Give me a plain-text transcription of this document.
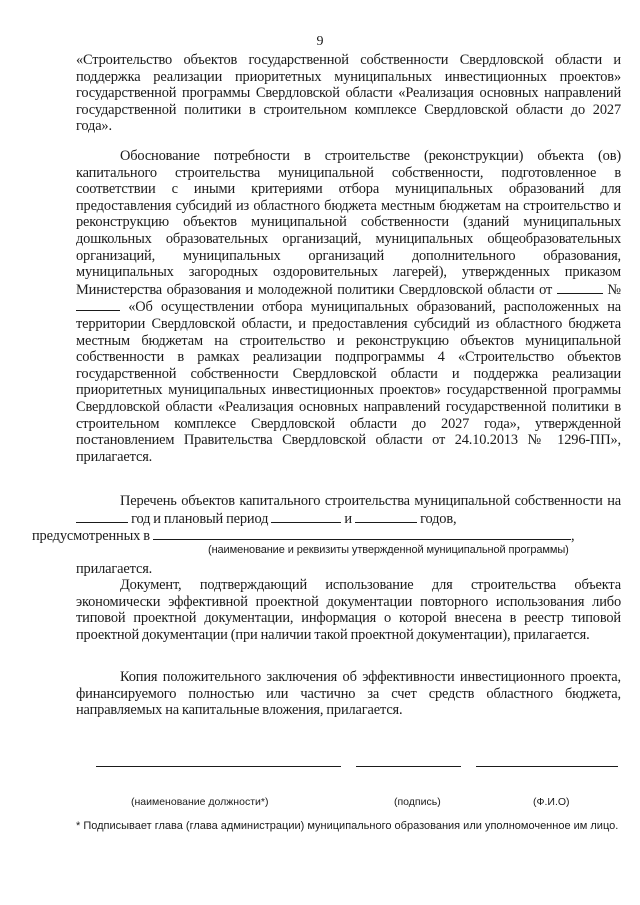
9
«Строительство объектов государственной собственности Свердловской области и поддержка реализации приоритетных муниципальных инвестиционных проектов» государственной программы Свердловской области «Реализация основных направлений государственной политики в строительном комплексе Свердловской области до 2027 года».
Обоснование потребности в строительстве (реконструкции) объекта (ов) капитального строительства муниципальной собственности, подготовленное в соответствии с иными критериями отбора муниципальных образований для предоставления субсидий из областного бюджета местным бюджетам на строительство и реконструкцию объектов муниципальной собственности (зданий муниципальных дошкольных образовательных организаций, муниципальных общеобразовательных организаций, муниципальных организаций дополнительного образования, муниципальных загородных оздоровительных лагерей), утвержденных приказом Министерства образования и молодежной политики Свердловской области от	№  «Об осуществлении отбора муниципальных образований, расположенных на территории Свердловской области, и предоставления субсидий из областного бюджета местным бюджетам на строительство и реконструкцию объектов муниципальной собственности в рамках реализации подпрограммы 4 «Строительство объектов государственной собственности Свердловской области и поддержка реализации приоритетных муниципальных инвестиционных проектов» государственной программы Свердловской области «Реализация основных направлений государственной политики в строительном комплексе Свердловской области до 2027 года», утвержденной постановлением Правительства Свердловской области от 24.10.2013 № 1296-ПП», прилагается.
Перечень объектов капитального строительства муниципальной собственности на  год и плановый период	и	годов,
предусмотренных в	,
(наименование и реквизиты утвержденной муниципальной программы)
прилагается.
Документ, подтверждающий использование для строительства объекта экономически эффективной проектной документации повторного использования либо типовой проектной документации, информация о которой внесена в реестр типовой проектной документации (при наличии такой проектной документации), прилагается.
Копия положительного заключения об эффективности инвестиционного проекта, финансируемого полностью или частично за счет средств областного бюджета, направляемых на капитальные вложения, прилагается.
(наименование должности*)	(подпись)	(Ф.И.О)
* Подписывает глава (глава администрации) муниципального образования или уполномоченное им лицо.
